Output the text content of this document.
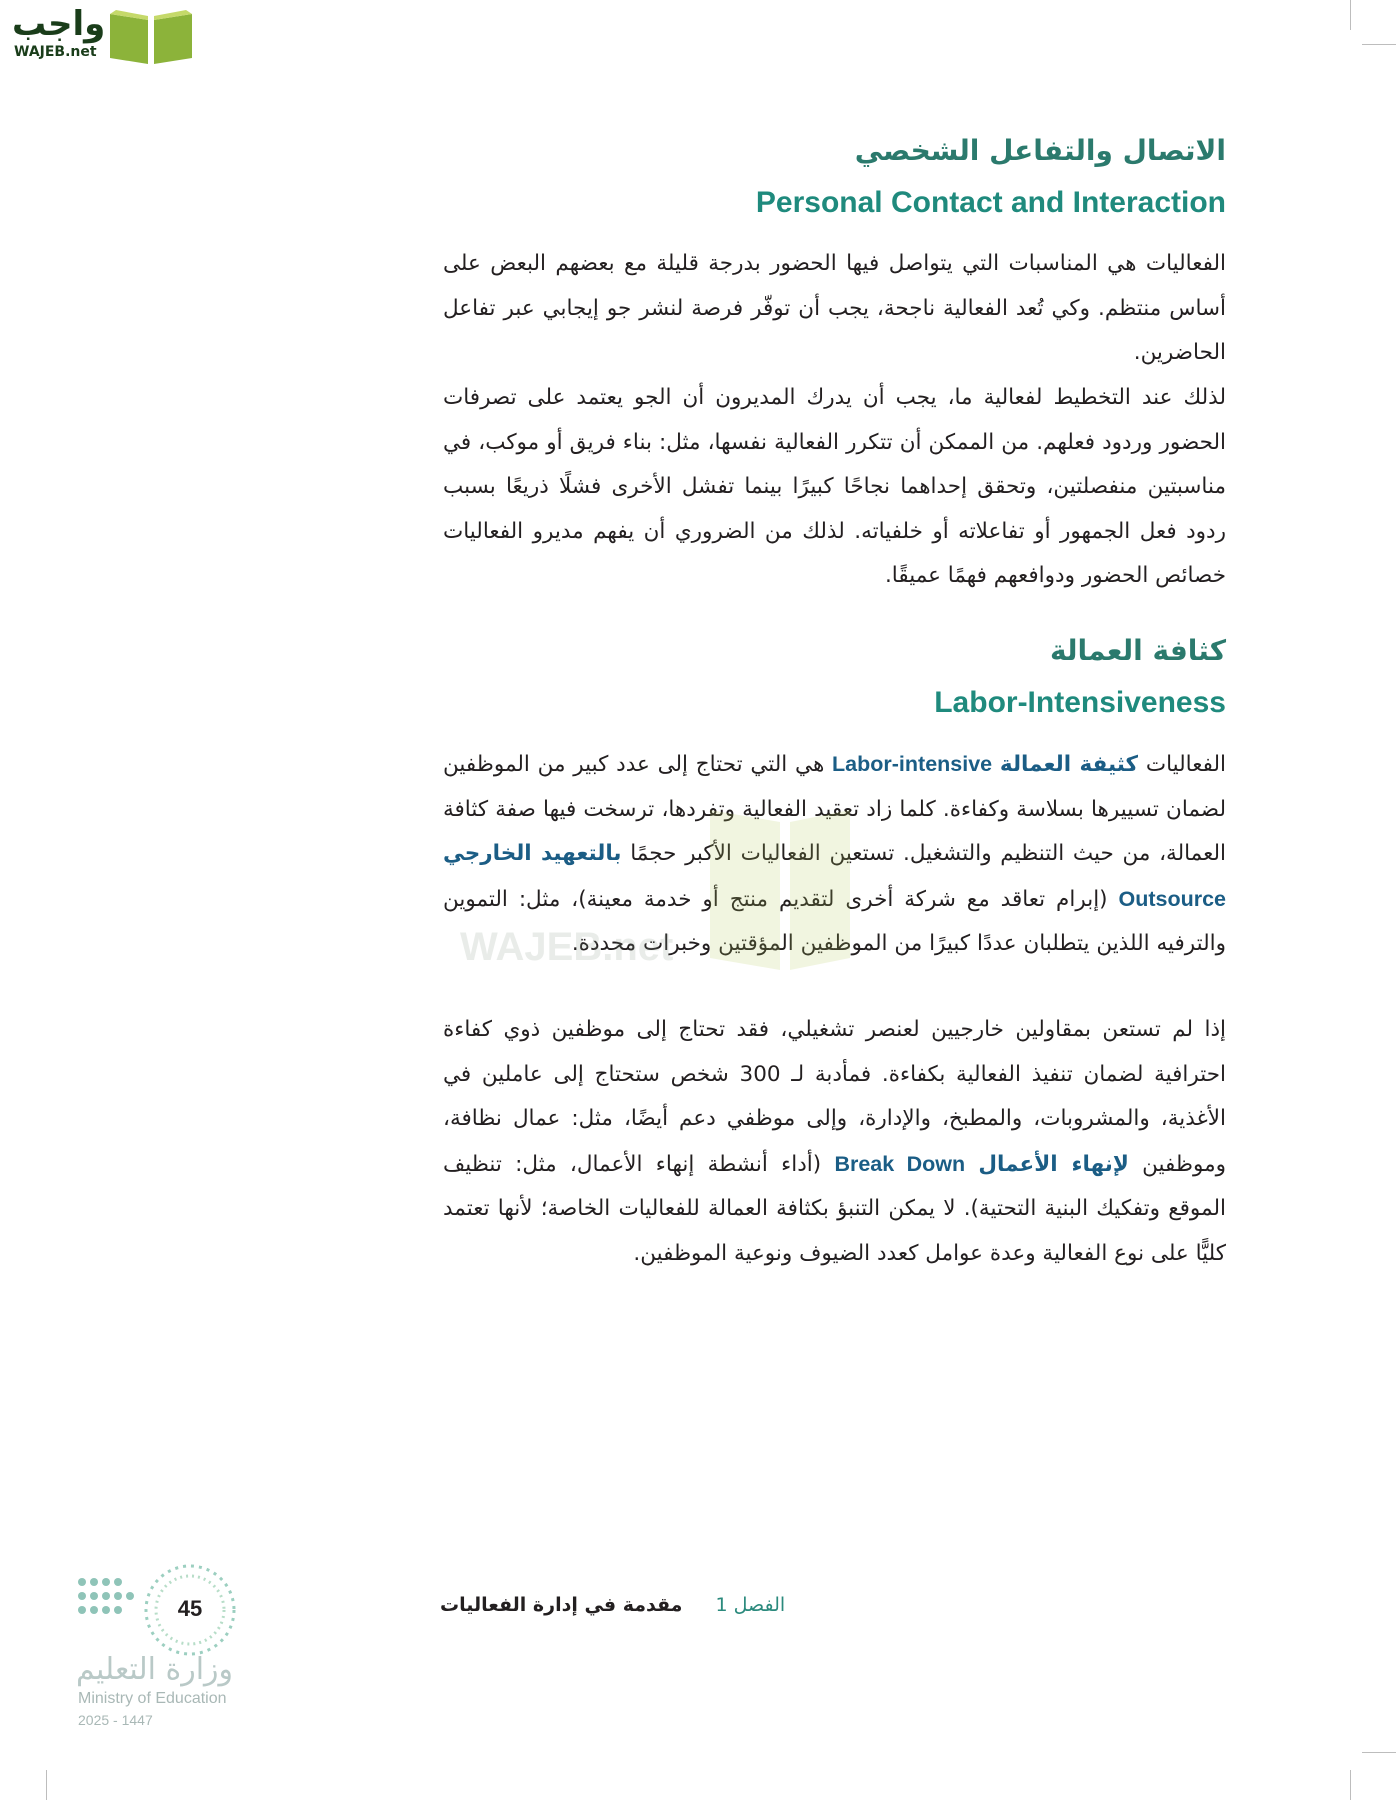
واجب
WAJEB.net
الاتصال والتفاعل الشخصي
Personal Contact and Interaction

الفعاليات هي المناسبات التي يتواصل فيها الحضور بدرجة قليلة مع بعضهم البعض على أساس منتظم. وكي تُعد الفعالية ناجحة، يجب أن توفّر فرصة لنشر جو إيجابي عبر تفاعل الحاضرين.

لذلك عند التخطيط لفعالية ما، يجب أن يدرك المديرون أن الجو يعتمد على تصرفات الحضور وردود فعلهم. من الممكن أن تتكرر الفعالية نفسها، مثل: بناء فريق أو موكب، في مناسبتين منفصلتين، وتحقق إحداهما نجاحًا كبيرًا بينما تفشل الأخرى فشلًا ذريعًا بسبب ردود فعل الجمهور أو تفاعلاته أو خلفياته. لذلك من الضروري أن يفهم مديرو الفعاليات خصائص الحضور ودوافعهم فهمًا عميقًا.

كثافة العمالة
Labor-Intensiveness

الفعاليات كثيفة العمالة Labor-intensive هي التي تحتاج إلى عدد كبير من الموظفين لضمان تسييرها بسلاسة وكفاءة. كلما زاد تعقيد الفعالية وتفردها، ترسخت فيها صفة كثافة العمالة، من حيث التنظيم والتشغيل. تستعين الفعاليات الأكبر حجمًا بالتعهيد الخارجي Outsource (إبرام تعاقد مع شركة أخرى لتقديم منتج أو خدمة معينة)، مثل: التموين والترفيه اللذين يتطلبان عددًا كبيرًا من الموظفين المؤقتين وخبرات محددة.

إذا لم تستعن بمقاولين خارجيين لعنصر تشغيلي، فقد تحتاج إلى موظفين ذوي كفاءة احترافية لضمان تنفيذ الفعالية بكفاءة. فمأدبة لـ 300 شخص ستحتاج إلى عاملين في الأغذية، والمشروبات، والمطبخ، والإدارة، وإلى موظفي دعم أيضًا، مثل: عمال نظافة، وموظفين لإنهاء الأعمال Break Down (أداء أنشطة إنهاء الأعمال، مثل: تنظيف الموقع وتفكيك البنية التحتية). لا يمكن التنبؤ بكثافة العمالة للفعاليات الخاصة؛ لأنها تعتمد كليًّا على نوع الفعالية وعدة عوامل كعدد الضيوف ونوعية الموظفين.

WAJEB.net
الفصل 1     مقدمة في إدارة الفعاليات
45
وزارة التعليم
Ministry of Education
2025 - 1447
